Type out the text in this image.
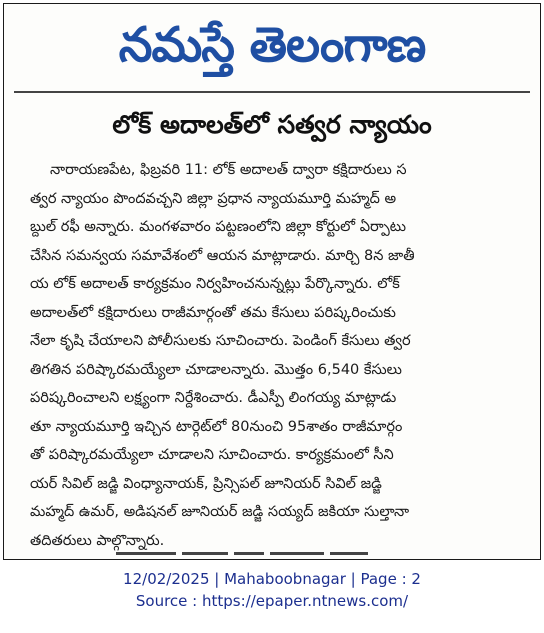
నమస్తే తెలంగాణ
లోక్ అదాలత్‌లో సత్వర న్యాయం
నారాయణపేట, ఫిబ్రవరి 11: లోక్ అదాలత్ ద్వారా కక్షిదారులు స
త్వర న్యాయం పొందవచ్చని జిల్లా ప్రధాన న్యాయమూర్తి మహ్మద్ అ
బ్దుల్ రఫీ అన్నారు. మంగళవారం పట్టణంలోని జిల్లా కోర్టులో ఏర్పాటు
చేసిన సమన్వయ సమావేశంలో ఆయన మాట్లాడారు. మార్చి 8న జాతీ
య లోక్ అదాలత్ కార్యక్రమం నిర్వహించనున్నట్లు పేర్కొన్నారు. లోక్
అదాలత్‌లో కక్షిదారులు రాజీమార్గంతో తమ కేసులు పరిష్కరించుకు
నేలా కృషి చేయాలని పోలీసులకు సూచించారు. పెండింగ్ కేసులు త్వర
తిగతిన పరిష్కారమయ్యేలా చూడాలన్నారు. మొత్తం 6,540 కేసులు
పరిష్కరించాలని లక్ష్యంగా నిర్దేశించారు. డీఎస్పీ లింగయ్య మాట్లాడు
తూ న్యాయమూర్తి ఇచ్చిన టార్గెట్‌లో 80నుంచి 95శాతం రాజీమార్గం
తో పరిష్కారమయ్యేలా చూడాలని సూచించారు. కార్యక్రమంలో సీని
యర్ సివిల్ జడ్జి వింధ్యానాయక్, ప్రిన్సిపల్ జూనియర్ సివిల్ జడ్జి
మహ్మద్ ఉమర్, అడిషనల్ జూనియర్ జడ్జి సయ్యద్ జకియా సుల్తానా
తదితరులు పాల్గొన్నారు.
12/02/2025 | Mahaboobnagar | Page : 2
Source : https://epaper.ntnews.com/
